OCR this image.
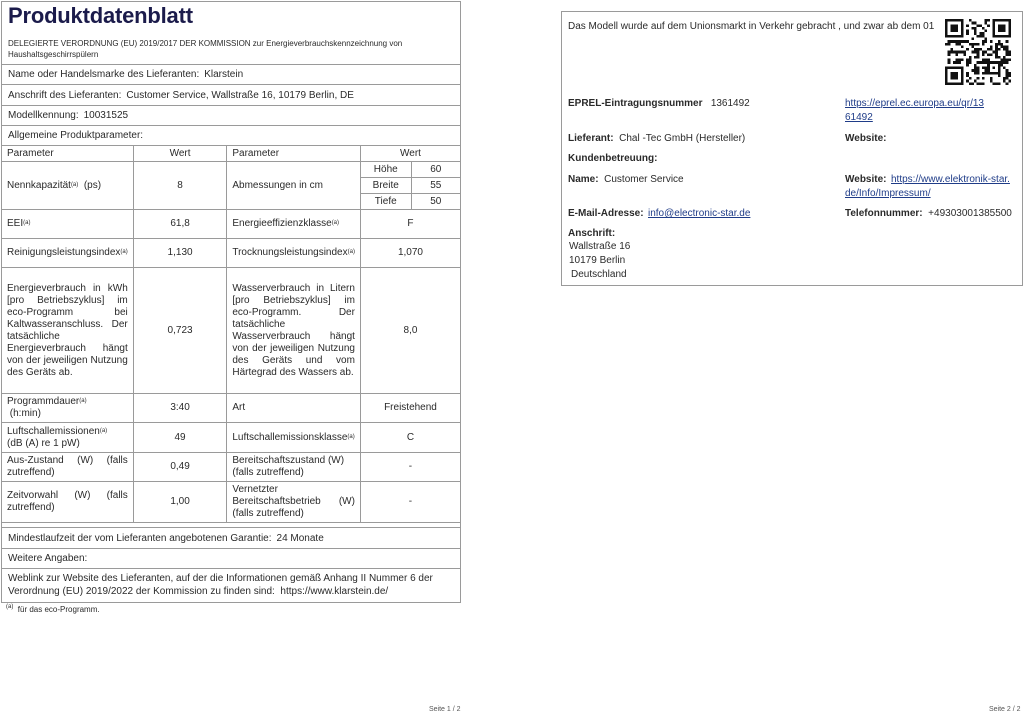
Produktdatenblatt
DELEGIERTE VERORDNUNG (EU) 2019/2017 DER KOMMISSION zur Energieverbrauchskennzeichnung von Haushaltsgeschirrspülern
Name oder Handelsmarke des Lieferanten: Klarstein
Anschrift des Lieferanten: Customer Service, Wallstraße 16, 10179 Berlin, DE
Modellkennung: 10031525
Allgemeine Produktparameter:
Parameter	Wert	Parameter	Wert	
Nennkapazität$^{(a)}$ (ps)	8	Abmessungen in cm	Höhe	60
			Breite	55
			Tiefe	50
EEI$^{(a)}$	61,8	Energieeffizienzklasse$^{(a)}$	F	
Reinigungsleistungsindex$^{(a)}$	1,130	Trocknungsleistungsindex$^{(a)}$	1,070	
Energieverbrauch in kWh [pro Betriebszyklus] im eco-Programm bei Kaltwasseranschluss. Der tatsächliche Energieverbrauch hängt von der jeweiligen Nutzung des Geräts ab.	0,723	Wasserverbrauch in Litern [pro Betriebszyklus] im eco-Programm. Der tatsächliche Wasserverbrauch hängt von der jeweiligen Nutzung des Geräts und vom Härtegrad des Wassers ab.	8,0	
Programmdauer$^{(a)}$
(h:min)	3:40	Art	Freistehend	
Luftschallemissionen$^{(a)}$  (dB (A) re 1 pW)	49	Luftschallemissionsklasse$^{(a)}$	C	
Aus-Zustand (W) (falls zutreffend)	0,49	Bereitschaftszustand (W) (falls zutreffend)	-	
Zeitvorwahl (W) (falls zutreffend)	1,00	Vernetzter Bereitschaftsbetrieb (W) (falls zutreffend)	-	
Mindestlaufzeit der vom Lieferanten angebotenen Garantie: 24 Monate
Weitere Angaben:
Weblink zur Website des Lieferanten, auf der die Informationen gemäß Anhang II Nummer 6 der Verordnung (EU) 2019/2022 der Kommission zu finden sind: https://www.klarstein.de/
$^{(a)}$ für das eco-Programm.
Seite 1 / 2
Das Modell wurde auf dem Unionsmarkt in Verkehr gebracht , und zwar ab dem 01
EPREL-Eintragungsnummer 1361492	https://eprel.ec.europa.eu/qr/13
61492
Lieferant: Chal -Tec GmbH (Hersteller)	Website:
Kundenbetreuung:
Name: Customer Service	Website: https://www.elektronik-star.
de/Info/Impressum/
E-Mail-Adresse: info@electronic-star.de	Telefonnummer: +49303001385500
Anschrift:
Wallstraße 16
10179 Berlin
Deutschland
Seite 2 / 2
